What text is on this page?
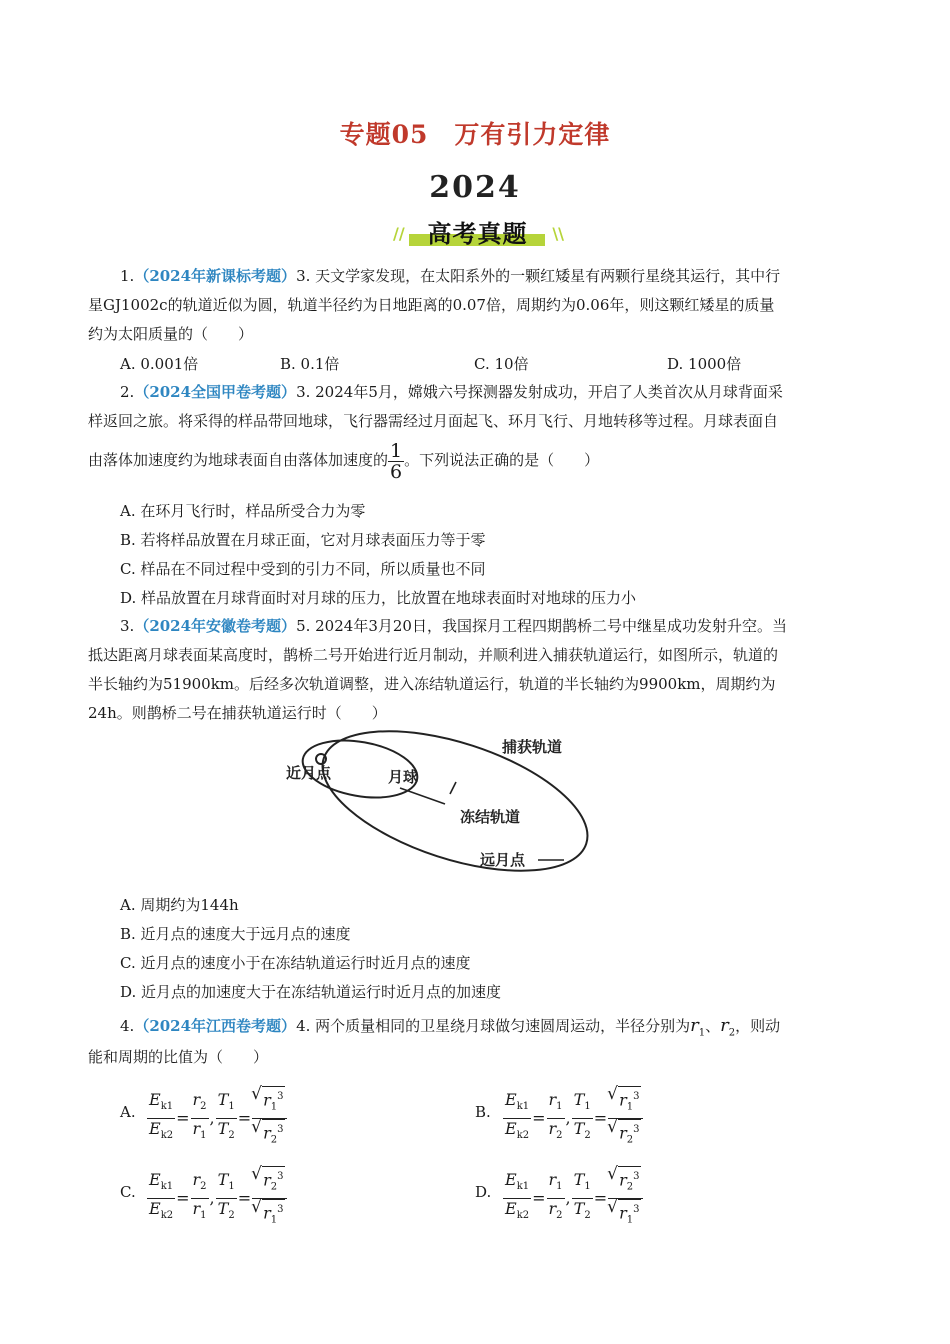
专题05　万有引力定律
2024
// 高考真题	\\
1.（2024年新课标考题）3. 天文学家发现，在太阳系外的一颗红矮星有两颗行星绕其运行，其中行
星GJ1002c的轨道近似为圆，轨道半径约为日地距离的0.07倍，周期约为0.06年，则这颗红矮星的质量
约为太阳质量的（　　）
A. 0.001倍	B. 0.1倍	C. 10倍	D. 1000倍
2.（2024全国甲卷考题）3. 2024年5月，嫦娥六号探测器发射成功，开启了人类首次从月球背面采
样返回之旅。将采得的样品带回地球，飞行器需经过月面起飞、环月飞行、月地转移等过程。月球表面自
由落体加速度约为地球表面自由落体加速度的 $\frac{1}{6}$ 。下列说法正确的是（　　）
A. 在环月飞行时，样品所受合力为零
B. 若将样品放置在月球正面，它对月球表面压力等于零
C. 样品在不同过程中受到的引力不同，所以质量也不同
D. 样品放置在月球背面时对月球的压力，比放置在地球表面时对地球的压力小
3.（2024年安徽卷考题）5. 2024年3月20日，我国探月工程四期鹊桥二号中继星成功发射升空。当
抵达距离月球表面某高度时，鹊桥二号开始进行近月制动，并顺利进入捕获轨道运行，如图所示，轨道的
半长轴约为51900km。后经多次轨道调整，进入冻结轨道运行，轨道的半长轴约为9900km，周期约为
24h。则鹊桥二号在捕获轨道运行时（　　）
近月点	月球
捕获轨道
冻结轨道
远月点
A. 周期约为144h
B. 近月点的速度大于远月点的速度
C. 近月点的速度小于在冻结轨道运行时近月点的速度
D. 近月点的加速度大于在冻结轨道运行时近月点的加速度
4.（2024年江西卷考题）4. 两个质量相同的卫星绕月球做匀速圆周运动，半径分别为$r_1$、$r_2$，则动
能和周期的比值为（　　）
A. $\frac{E_{k1}}{E_{k2}} = \frac{r_2}{r_1}$ , $\frac{T_1}{T_2}$ = √ $r_1^3$
√ $r_2^3$	B. $\frac{E_{k1}}{E_{k2}} = \frac{r_1}{r_2}$ , $\frac{T_1}{T_2}$ = √ $r_1^3$
√ $r_2^3$
C. $\frac{E_{k1}}{E_{k2}} = \frac{r_2}{r_1}$ , $\frac{T_1}{T_2}$ = √ $r_2^3$
√ $r_1^3$	D. $\frac{E_{k1}}{E_{k2}} = \frac{r_1}{r_2}$ , $\frac{T_1}{T_2}$ = √ $r_2^3$
√ $r_1^3$
